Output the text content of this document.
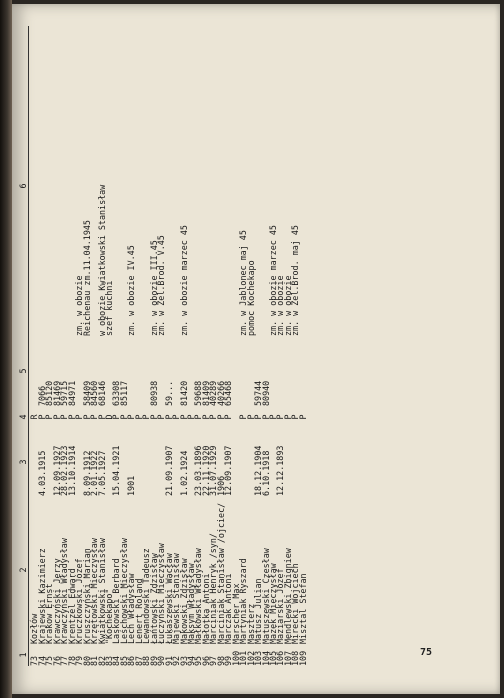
75
1
2
3
4
5
6
73
Kozłów
R
74
Krajewski Kazimierz
4.03.1915
P
7066
75
Krakow Ernst
P
85120
76
Krawczyński Jerzy
12.09.1927
P
81469
77
Krawczyński Władysław
28.02.1923
P
59715
78
Krentzel Edward
13.10.1914
P
84971
79
Kruczkowski Józef
P
zm. w obozie
80
Kruszczyński Marian
8.09.1912
P
58409
Reichenau zm.11.04.1945
81
Krzętowski Mieczysław
2.01.1922
P
84560
82
Kwiatkowski Stanisław
7.05.1927
P
68146
w obozie Kwiatkowski Stanisław
83
"Kochekapo"
D
szef kuchni
84
Laskowski Berbard
15.04.1921
P
63308
85
Leśchowski Mieczysław
P
85117
86
Lech Władysław
1901
P
zm. w obozie IV.45
87
Lenert Roland
P
88
Lewandowski Tadeusz
P
89
Łańtowski Zdzisław
P
80938
zm. w obozie III.45
90
Łuczyński Mieczysław
P
zm. w Żel.Brod. V.45
91
Łukaszewski Wacław
21.09.1907
P
59...
92
Majewski Stanisław
P
93
Makowski Zdzisław
1.02.1924
P
81420
zm. w obozie marzec 45
94
Maksym Władysław
P
95
Małkowski Władysław
23.03.1896
P
59688
96
Małotka Antoni
22.11.1920
P
81409
97
Marciniak Henryk /syn/
31.07.1929
P
40289
98
Marciniak Stanisław /ojciec/
1906
P
40266
99
Marczak Antoni
12.09.1907
P
65468
100
Marscher Max
101
Martyniak Ryszard
P
zm. w Jablonec maj 45
102
Maszterz
P
pomoc Kochekapo
103
Matusz Julian
18.12.1904
P
59744
104
Matuszewski Czesław
6.10.1918
P
80940
105
Mazek Mieczysław
P
zm. w obozie marzec 45
106
Maziarski Józef
12.12.1893
P
zm. w obozie
107
Mendlewski Zbigniew
P
zm. w obozie
108
Mirecki Wojciech
P
zm. w Żel.Brod. maj 45
109
Misztal Stefan
P
